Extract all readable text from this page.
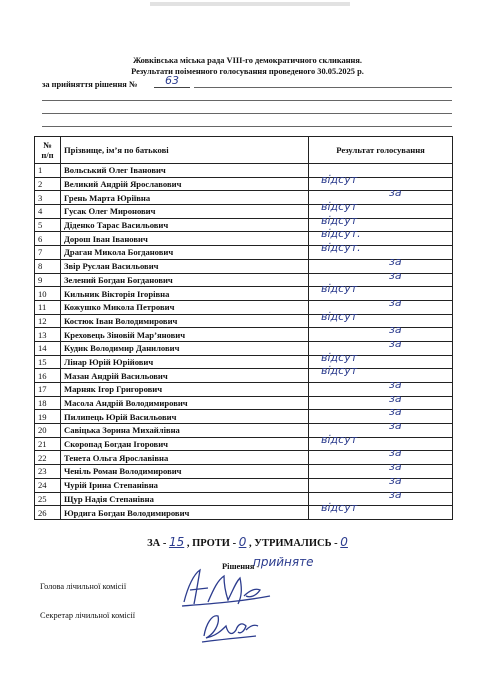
Жовківська міська рада VIII-го демократичного скликання.
Результати поіменного голосування проведеного 30.05.2025 р.
за прийняття рішення №	63
№
п/п	Прізвище, ім’я по батькові	Результат голосування
1	Вольський Олег Іванович	
2	Великий Андрій Ярославович	відсут

3	Грень Марта Юріївна	за

4	Гусак Олег Миронович	відсут

5	Діденко Тарас Васильович	відсут

6	Дорош Іван Іванович	відсут.

7	Драган Микола Богданович	відсут.

8	Звір Руслан Васильович	за

9	Зелений Богдан Богданович	за

10	Кильник Вікторія Ігорівна	відсут

11	Кожушко Микола Петрович	за

12	Костюк Іван Володимирович	відсут

13	Креховець Зіновій Мар’янович	за

14	Кудик Володимир Данилович	за

15	Лінар Юрій Юрійович	відсут

16	Мазан Андрій Васильович	відсут

17	Марняк Ігор Григорович	за

18	Масола Андрій Володимирович	за

19	Пилипець Юрій Васильович	за

20	Савіцька Зорина Михайлівна	за

21	Скоропад Богдан Ігорович	відсут

22	Тенета Ольга Ярославівна	за

23	Ченіль Роман Володимирович	за

24	Чурій Ірина Степанівна	за

25	Щур Надія Степанівна	за

26	Юрдига Богдан Володимирович	відсут
ЗА - 15 , ПРОТИ - 0 , УТРИМАЛИСЬ - 0
Рішення -
прийняте
Голова лічильної комісії
Секретар лічильної комісії
